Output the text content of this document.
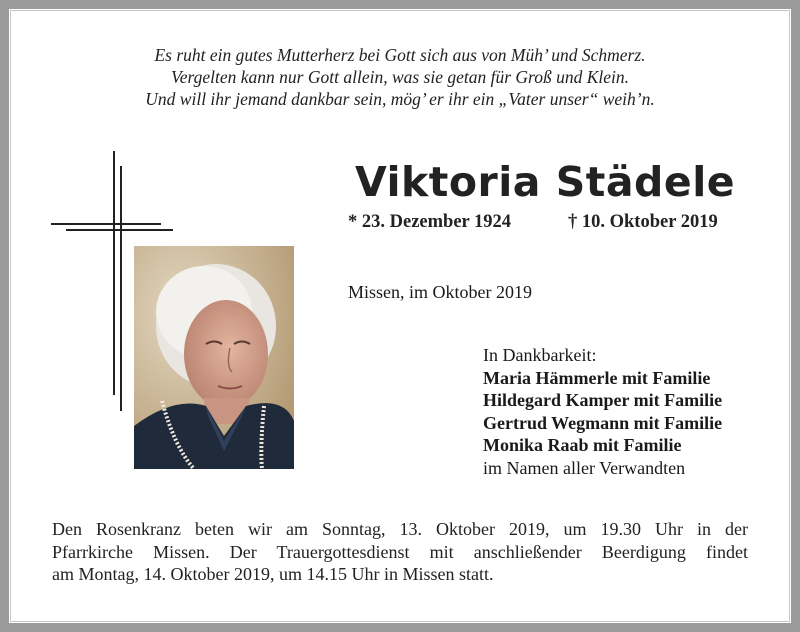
Es ruht ein gutes Mutterherz bei Gott sich aus von Müh’ und Schmerz.
Vergelten kann nur Gott allein, was sie getan für Groß und Klein.
Und will ihr jemand dankbar sein, mög’ er ihr ein „Vater unser“ weih’n.
Viktoria Städele
* 23. Dezember 1924	† 10. Oktober 2019
Missen, im Oktober 2019
In Dankbarkeit:
Maria Hämmerle mit Familie
Hildegard Kamper mit Familie
Gertrud Wegmann mit Familie
Monika Raab mit Familie
im Namen aller Verwandten
Den Rosenkranz beten wir am Sonntag, 13. Oktober 2019, um 19.30 Uhr in der
Pfarrkirche Missen. Der Trauergottesdienst mit anschließender Beerdigung findet
am Montag, 14. Oktober 2019, um 14.15 Uhr in Missen statt.
